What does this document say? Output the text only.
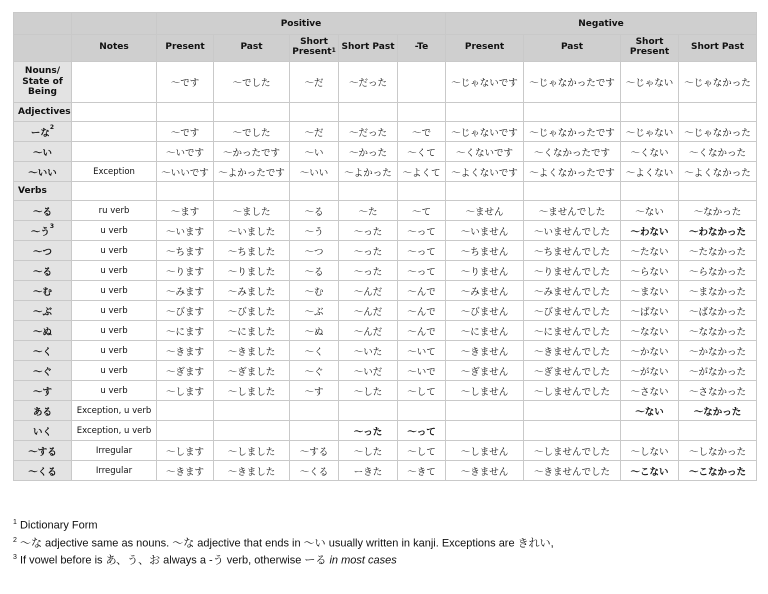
		Positive					Negative			
	Notes	Present	Past	Short Present$^1$	Short Past	-Te	Present	Past	Short Present	Short Past
Nouns/ State of Being		～です	～でした	～だ	～だった		～じゃないです	～じゃなかったです	～じゃない	～じゃなかった
Adjectives										
ーな$^2$		～です	～でした	～だ	～だった	～で	～じゃないです	～じゃなかったです	～じゃない	～じゃなかった
～い		～いです	～かったです	～い	～かった	～くて	～くないです	～くなかったです	～くない	～くなかった
～いい	Exception	～いいです	～よかったです	～いい	～よかった	～よくて	～よくないです	～よくなかったです	～よくない	～よくなかった
Verbs										
～る	ru verb	～ます	～ました	～る	～た	～て	～ません	～ませんでした	～ない	～なかった
～う$^3$	u verb	～います	～いました	～う	～った	～って	～いません	～いませんでした	～わない	～わなかった
～つ	u verb	～ちます	～ちました	～つ	～った	～って	～ちません	～ちませんでした	～たない	～たなかった
～る	u verb	～ります	～りました	～る	～った	～って	～りません	～りませんでした	～らない	～らなかった
～む	u verb	～みます	～みました	～む	～んだ	～んで	～みません	～みませんでした	～まない	～まなかった
～ぶ	u verb	～びます	～びました	～ぶ	～んだ	～んで	～びません	～びませんでした	～ばない	～ばなかった
～ぬ	u verb	～にます	～にました	～ぬ	～んだ	～んで	～にません	～にませんでした	～なない	～ななかった
～く	u verb	～きます	～きました	～く	～いた	～いて	～きません	～きませんでした	～かない	～かなかった
～ぐ	u verb	～ぎます	～ぎました	～ぐ	～いだ	～いで	～ぎません	～ぎませんでした	～がない	～がなかった
～す	u verb	～します	～しました	～す	～した	～して	～しません	～しませんでした	～さない	～さなかった
ある	Exception, u verb								～ない	～なかった
いく	Exception, u verb				～った	～って				
～する	Irregular	～します	～しました	～する	～した	～して	～しません	～しませんでした	～しない	～しなかった
～くる	Irregular	～きます	～きました	～くる	ーきた	～きて	～きません	～きませんでした	～こない	～こなかった
$^1$ Dictionary Form
$^2$ ～な adjective same as nouns. ～な adjective that ends in ～い usually written in kanji. Exceptions are きれい,
$^3$ If vowel before is あ、う、お always a -う verb, otherwise ーる in most cases
